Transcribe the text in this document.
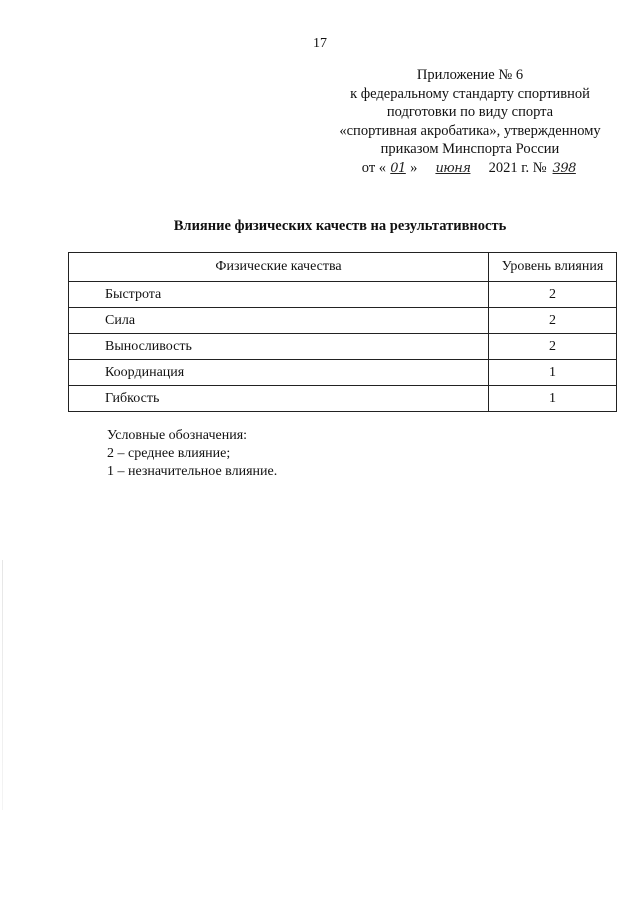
17
Приложение № 6
к федеральному стандарту спортивной
подготовки по виду спорта
«спортивная акробатика», утвержденному
приказом Минспорта России
от « 01 » июня 2021 г. № 398
Влияние физических качеств на результативность
Физические качества	Уровень влияния
Быстрота	2
Сила	2
Выносливость	2
Координация	1
Гибкость	1
Условные обозначения:
2 – среднее влияние;
1 – незначительное влияние.
